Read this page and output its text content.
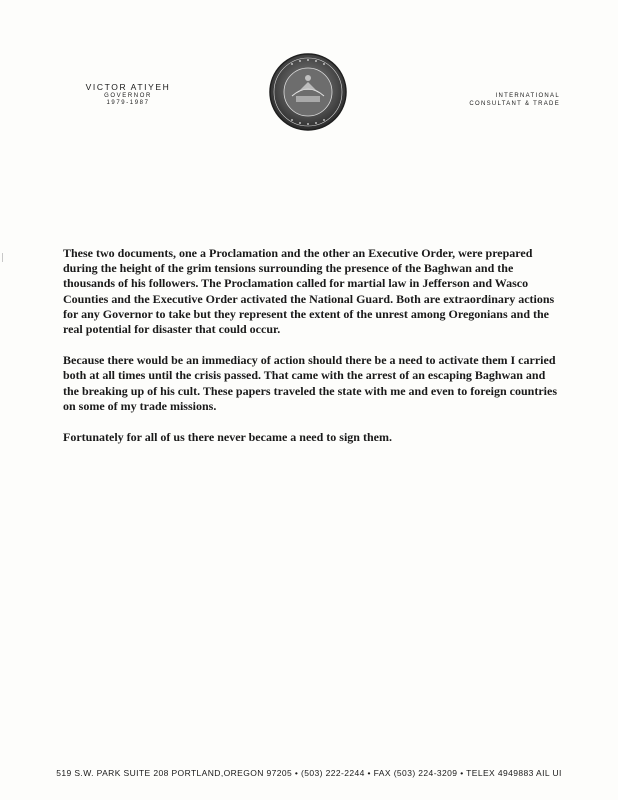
VICTOR ATIYEH
GOVERNOR
1979-1987
INTERNATIONAL
CONSULTANT & TRADE

These two documents, one a Proclamation and the other an Executive Order, were prepared during the height of the grim tensions surrounding the presence of the Baghwan and the thousands of his followers. The Proclamation called for martial law in Jefferson and Wasco Counties and the Executive Order activated the National Guard. Both are extraordinary actions for any Governor to take but they represent the extent of the unrest among Oregonians and the real potential for disaster that could occur.

Because there would be an immediacy of action should there be a need to activate them I carried both at all times until the crisis passed. That came with the arrest of an escaping Baghwan and the breaking up of his cult. These papers traveled the state with me and even to foreign countries on some of my trade missions.

Fortunately for all of us there never became a need to sign them.

519 S.W. PARK SUITE 208 PORTLAND,OREGON 97205 • (503) 222-2244 • FAX (503) 224-3209 • TELEX 4949883 AIL UI
